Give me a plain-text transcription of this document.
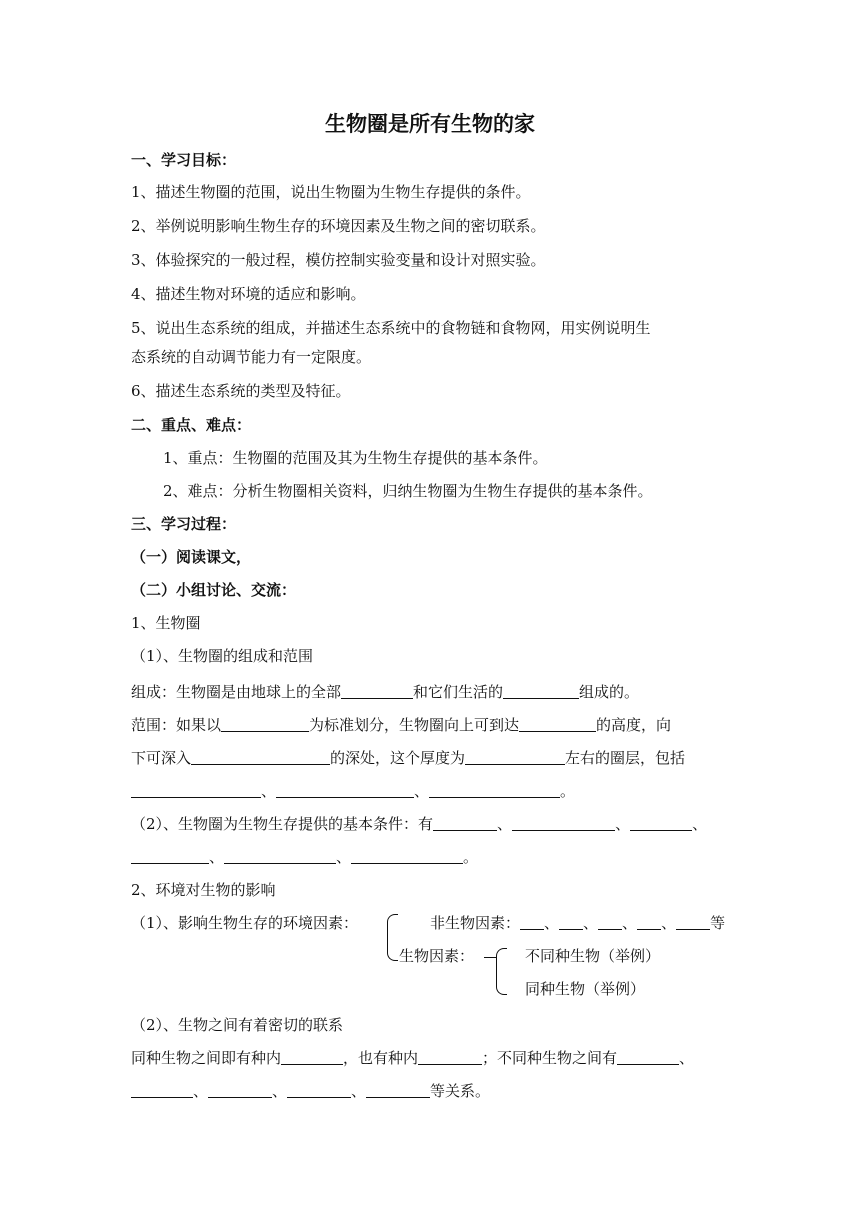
生物圈是所有生物的家
一、学习目标：
1、描述生物圈的范围，说出生物圈为生物生存提供的条件。
2、举例说明影响生物生存的环境因素及生物之间的密切联系。
3、体验探究的一般过程，模仿控制实验变量和设计对照实验。
4、描述生物对环境的适应和影响。
5、说出生态系统的组成，并描述生态系统中的食物链和食物网，用实例说明生
态系统的自动调节能力有一定限度。
6、描述生态系统的类型及特征。
二、重点、难点：
1、重点：生物圈的范围及其为生物生存提供的基本条件。
2、难点：分析生物圈相关资料，归纳生物圈为生物生存提供的基本条件。
三、学习过程：
（一）阅读课文，
（二）小组讨论、交流：
1、生物圈
（1）、生物圈的组成和范围
组成：生物圈是由地球上的全部	和它们生活的	组成的。
范围：如果以	为标准划分，生物圈向上可到达	的高度，向
下可深入	的深处，这个厚度为	左右的圈层，包括
、	、	。
（2）、生物圈为生物生存提供的基本条件：有	、	、	、
、	、	。
2、环境对生物的影响
（1）、影响生物生存的环境因素：	非生物因素： 、 、 、 、 等
生物因素：	不同种生物（举例）
同种生物（举例）
（2）、生物之间有着密切的联系
同种生物之间即有种内	，也有种内	；不同种生物之间有	、
、	、	、	等关系。
